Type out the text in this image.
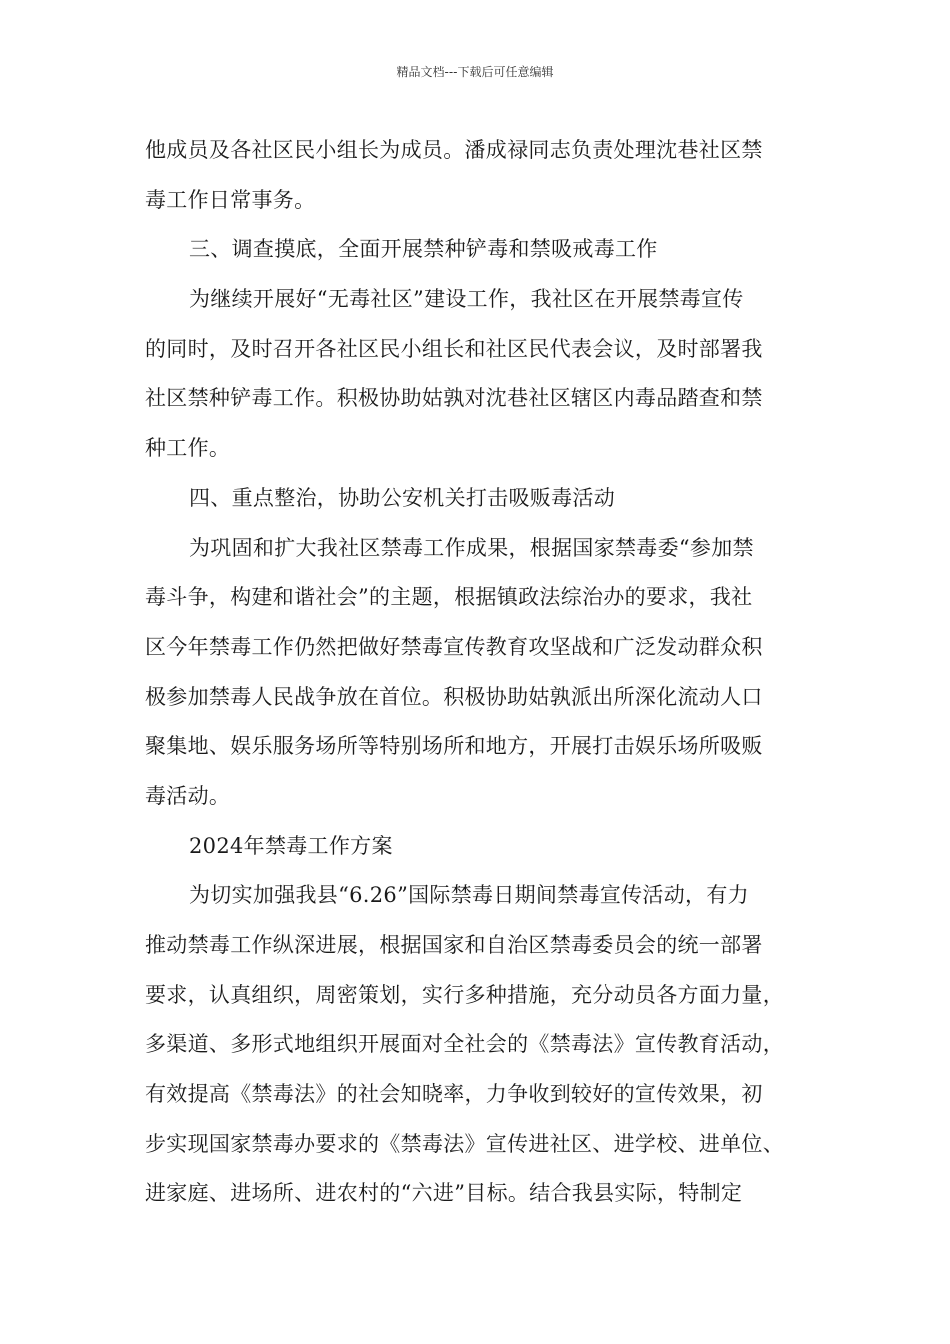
精品文档---下载后可任意编辑
他成员及各社区民小组长为成员。潘成禄同志负责处理沈巷社区禁
毒工作日常事务。
三、调查摸底，全面开展禁种铲毒和禁吸戒毒工作
为继续开展好“无毒社区”建设工作，我社区在开展禁毒宣传
的同时，及时召开各社区民小组长和社区民代表会议，及时部署我
社区禁种铲毒工作。积极协助姑孰对沈巷社区辖区内毒品踏查和禁
种工作。
四、重点整治，协助公安机关打击吸贩毒活动
为巩固和扩大我社区禁毒工作成果，根据国家禁毒委“参加禁
毒斗争，构建和谐社会”的主题，根据镇政法综治办的要求，我社
区今年禁毒工作仍然把做好禁毒宣传教育攻坚战和广泛发动群众积
极参加禁毒人民战争放在首位。积极协助姑孰派出所深化流动人口
聚集地、娱乐服务场所等特别场所和地方，开展打击娱乐场所吸贩
毒活动。
2024年禁毒工作方案
为切实加强我县“6.26”国际禁毒日期间禁毒宣传活动，有力
推动禁毒工作纵深进展，根据国家和自治区禁毒委员会的统一部署
要求，认真组织，周密策划，实行多种措施，充分动员各方面力量，
多渠道、多形式地组织开展面对全社会的《禁毒法》宣传教育活动，
有效提高《禁毒法》的社会知晓率，力争收到较好的宣传效果，初
步实现国家禁毒办要求的《禁毒法》宣传进社区、进学校、进单位、
进家庭、进场所、进农村的“六进”目标。结合我县实际，特制定
